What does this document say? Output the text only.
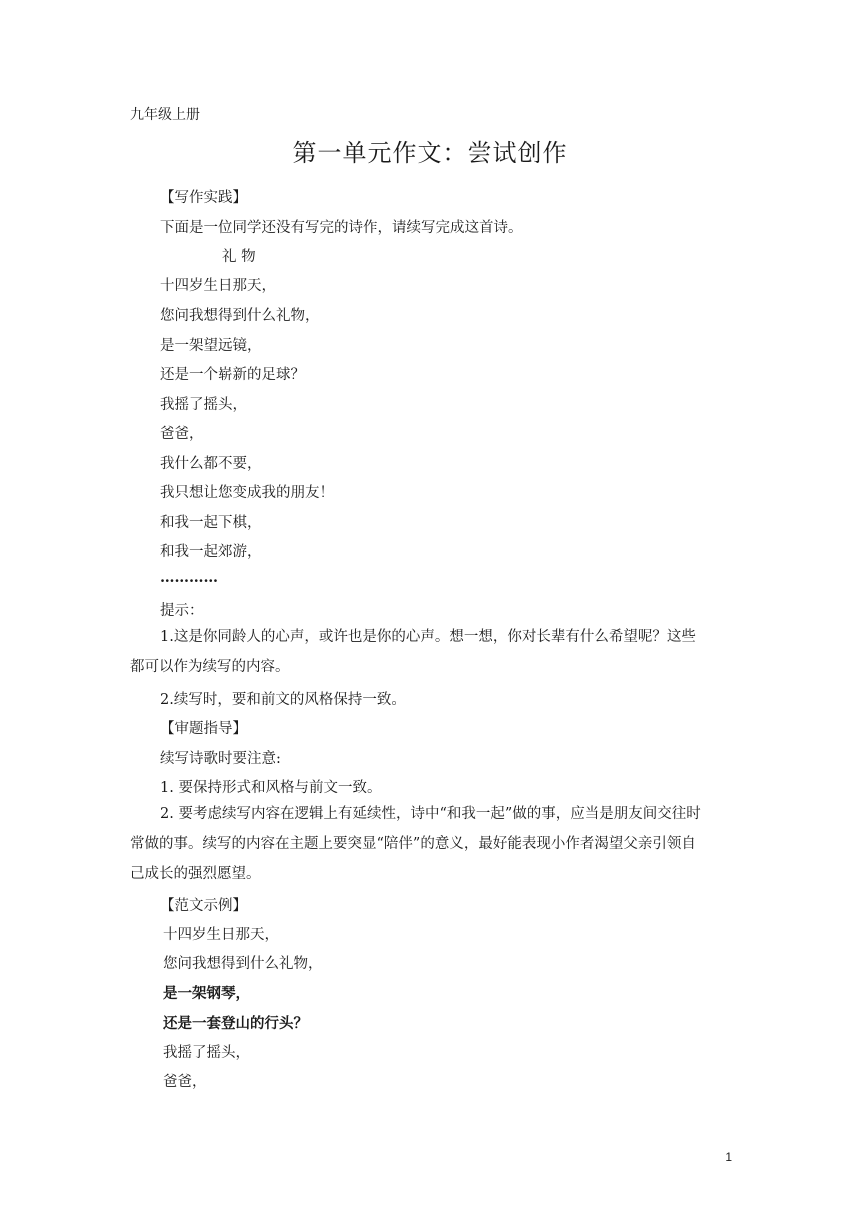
九年级上册
第一单元作文：尝试创作
【写作实践】
下面是一位同学还没有写完的诗作，请续写完成这首诗。
礼 物
十四岁生日那天，
您问我想得到什么礼物，
是一架望远镜，
还是一个崭新的足球？
我摇了摇头，
爸爸，
我什么都不要，
我只想让您变成我的朋友！
和我一起下棋，
和我一起郊游，
…………
提示：
1.这是你同龄人的心声，或许也是你的心声。想一想，你对长辈有什么希望呢？这些都可以作为续写的内容。
2.续写时，要和前文的风格保持一致。
【审题指导】
续写诗歌时要注意:
1. 要保持形式和风格与前文一致。
2. 要考虑续写内容在逻辑上有延续性，诗中“和我一起”做的事，应当是朋友间交往时常做的事。续写的内容在主题上要突显“陪伴”的意义，最好能表现小作者渴望父亲引领自己成长的强烈愿望。
【范文示例】
十四岁生日那天，
您问我想得到什么礼物，
是一架钢琴，
还是一套登山的行头？
我摇了摇头，
爸爸，
1
